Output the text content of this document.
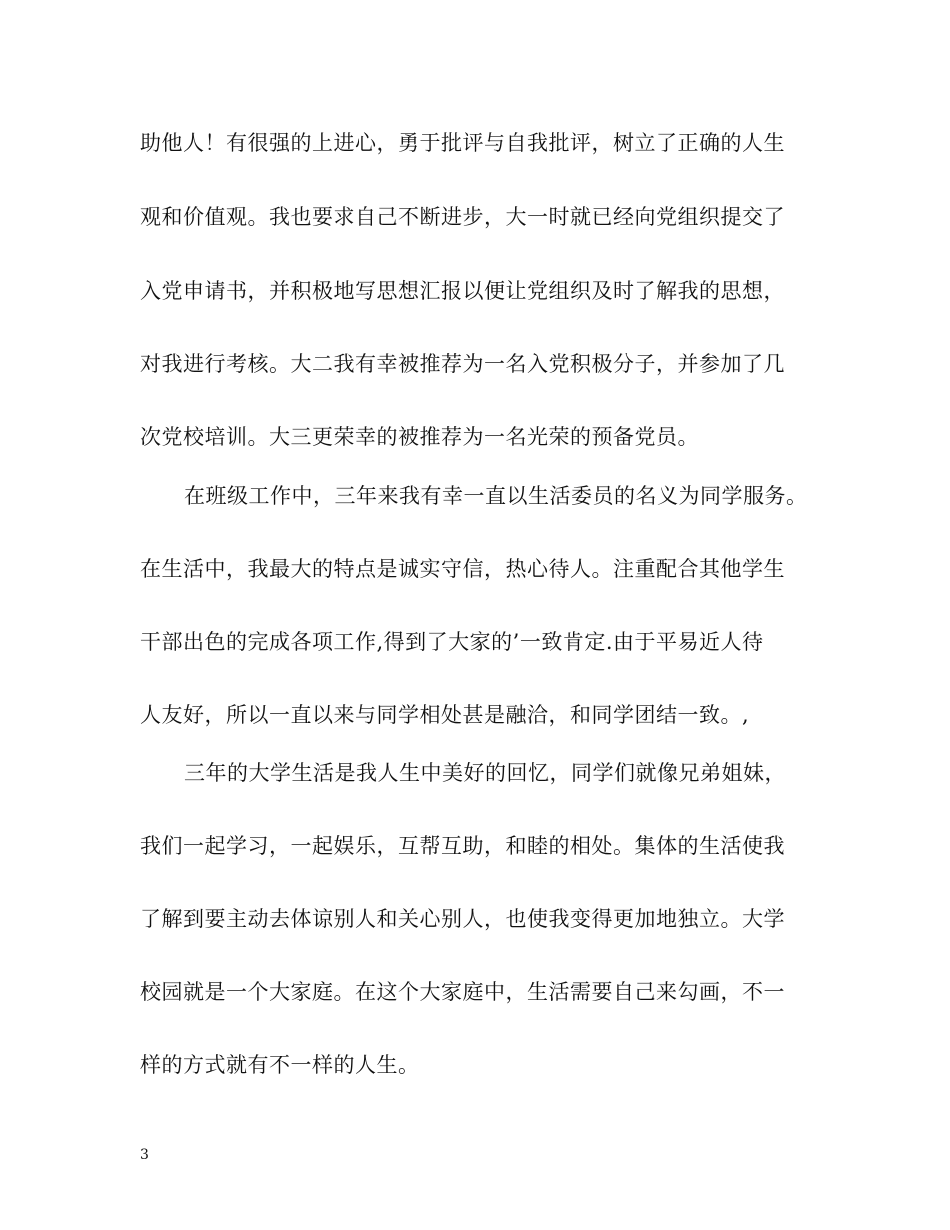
助他人！有很强的上进心，勇于批评与自我批评，树立了正确的人生
观和价值观。我也要求自己不断进步，大一时就已经向党组织提交了
入党申请书，并积极地写思想汇报以便让党组织及时了解我的思想，
对我进行考核。大二我有幸被推荐为一名入党积极分子，并参加了几
次党校培训。大三更荣幸的被推荐为一名光荣的预备党员。
在班级工作中，三年来我有幸一直以生活委员的名义为同学服务。
在生活中，我最大的特点是诚实守信，热心待人。注重配合其他学生
干部出色的完成各项工作,得到了大家的’一致肯定.由于平易近人待
人友好，所以一直以来与同学相处甚是融洽，和同学团结一致。,
三年的大学生活是我人生中美好的回忆，同学们就像兄弟姐妹，
我们一起学习，一起娱乐，互帮互助，和睦的相处。集体的生活使我
了解到要主动去体谅别人和关心别人，也使我变得更加地独立。大学
校园就是一个大家庭。在这个大家庭中，生活需要自己来勾画，不一
样的方式就有不一样的人生。
3
